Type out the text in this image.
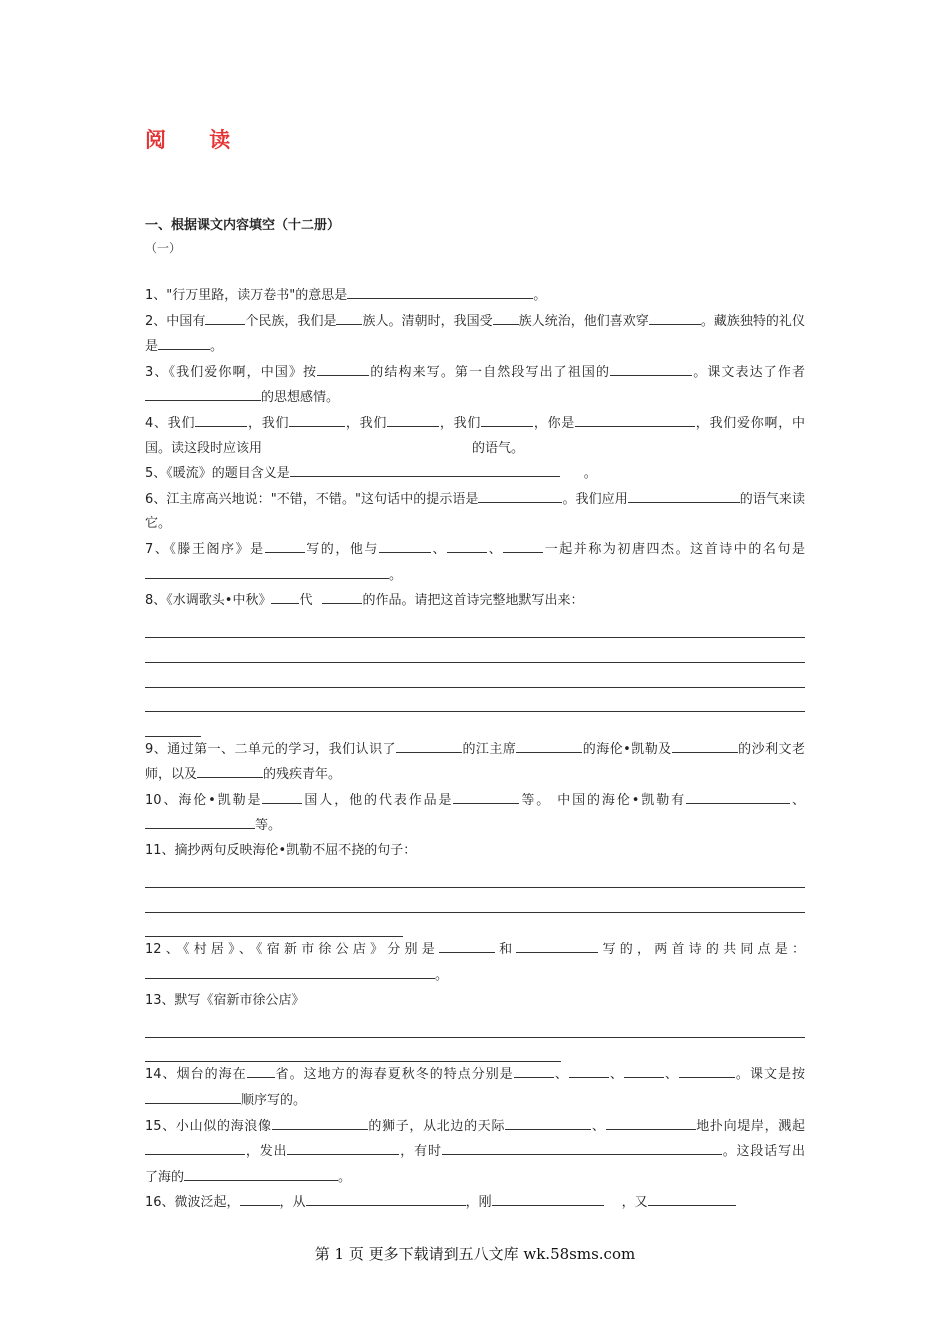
阅 读
一、根据课文内容填空（十二册）
（一）

1、"行万里路，读万卷书"的意思是	。

2、中国有	个民族，我们是 族人。清朝时，我国受 族人统治，他们喜欢穿	。藏族独特的礼仪是	。

3、《我们爱你啊，中国》按	的结构来写。第一自然段写出了祖国的	。课文表达了作者的思想感情。

4、我们	，我们	，我们	，我们	，你是	，我们爱你啊，中国。读这段时应该用	的语气。

5、《暖流》的题目含义是	。

6、江主席高兴地说："不错，不错。"这句话中的提示语是	。我们应用	的语气来读它。

7、《滕王阁序》是	写的，他与	、	、	一起并称为初唐四杰。这首诗中的名句是。

8、《水调歌头•中秋》 代	的作品。请把这首诗完整地默写出来：

9、通过第一、二单元的学习，我们认识了	的江主席	的海伦•凯勒及	的沙利文老师，以及	的残疾青年。

10、海伦•凯勒是	国人，他的代表作品是	等。 中国的海伦•凯勒有	、等。

11、摘抄两句反映海伦•凯勒不屈不挠的句子：

12、《村居》、《宿新市徐公店》分别是	和	写的，两首诗的共同点是：。

13、默写《宿新市徐公店》

14、烟台的海在 省。这地方的海春夏秋冬的特点分别是	、	、	、	。课文是按顺序写的。

15、小山似的海浪像	的狮子，从北边的天际	、	地扑向堤岸，溅起，发出	，有时	。这段话写出了海的	。

16、微波泛起，	，从	，刚	，又

第 1 页 更多下载请到五八文库 wk.58sms.com
